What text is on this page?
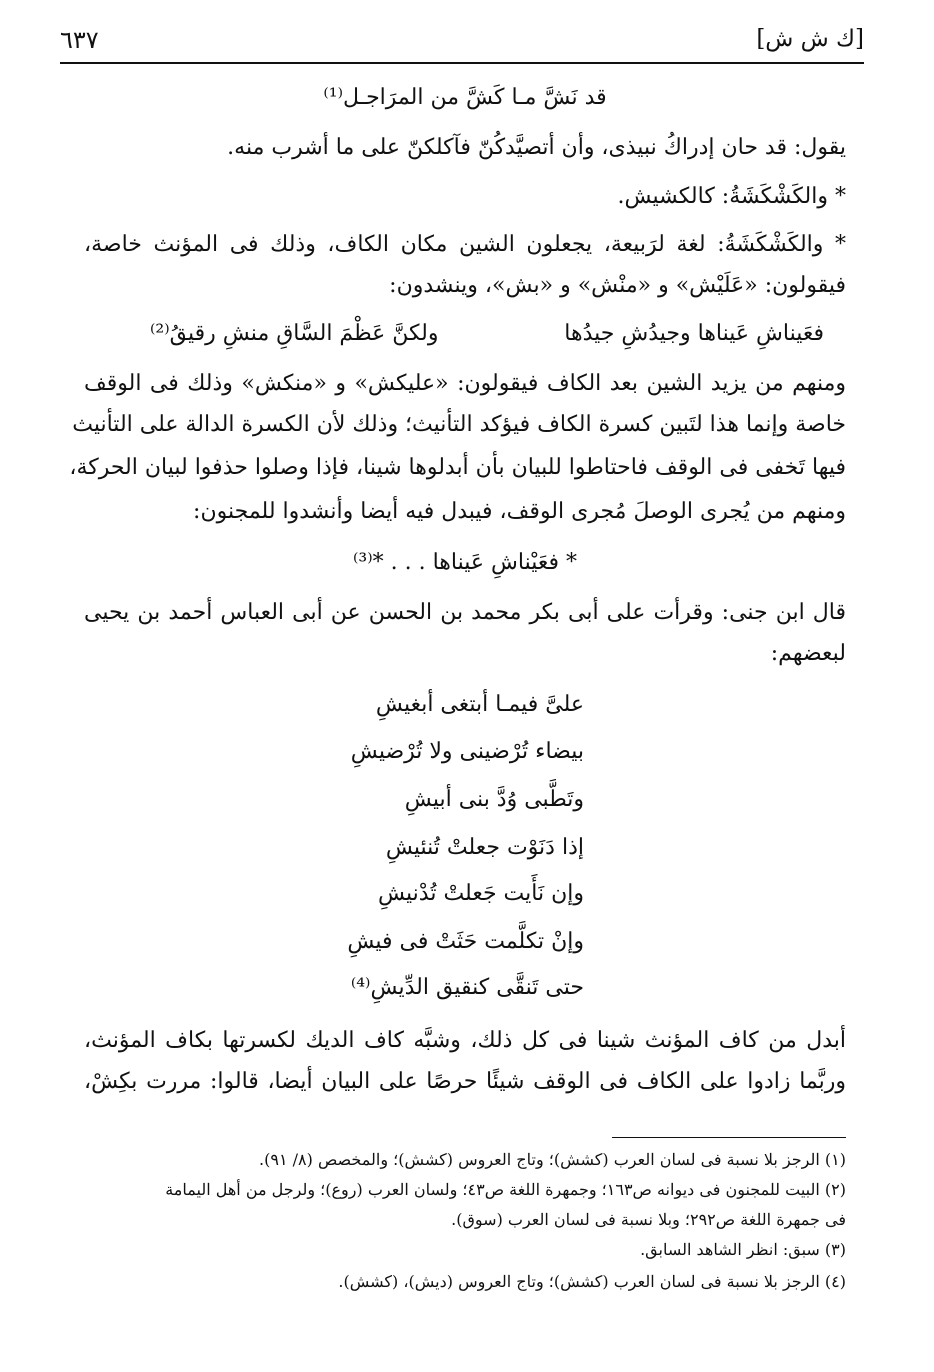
[ك ش ش]
٦٣٧
قد نَشَّ مـا كَشَّ من المرَاجـل⁽¹⁾
يقول: قد حان إدراكُ نبيذى، وأن أتصيَّدكُنّ فآكلكنّ على ما أشرب منه.
* والكَشْكَشَةُ: كالكشيش.
* والكَشْكَشَةُ: لغة لرَبيعة، يجعلون الشين مكان الكاف، وذلك فى المؤنث خاصة،
فيقولون: «عَلَيْش» و «منْش» و «بش»، وينشدون:
فعَيناشِ عَيناها وجيدُشِ جيدُها
ولكنَّ عَظْمَ السَّاقِ منشِ رقيقُ⁽²⁾
ومنهم من يزيد الشين بعد الكاف فيقولون: «عليكش» و «منكش» وذلك فى الوقف
خاصة وإنما هذا لتَبين كسرة الكاف فيؤكد التأنيث؛ وذلك لأن الكسرة الدالة على التأنيث
فيها تَخفى فى الوقف فاحتاطوا للبيان بأن أبدلوها شينا، فإذا وصلوا حذفوا لبيان الحركة،
ومنهم من يُجرى الوصلَ مُجرى الوقف، فيبدل فيه أيضا وأنشدوا للمجنون:
* فعَيْناشِ عَيناها . . . *⁽³⁾
قال ابن جنى: وقرأت على أبى بكر محمد بن الحسن عن أبى العباس أحمد بن يحيى
لبعضهم:
علىَّ فيمـا أبتغى أبغيشِ
بيضاء تُرْضينى ولا تُرْضيشِ
وتَطَّبى وُدَّ بنى أبيشِ
إذا دَنَوْت جعلتْ تُنئيشِ
وإن نَأَيت جَعلتْ تُدْنيشِ
وإنْ تكلَّمت حَثَتْ فى فيشِ
حتى تَنقَّى كنقيق الدِّيشِ⁽⁴⁾
أبدل من كاف المؤنث شينا فى كل ذلك، وشبَّه كاف الديك لكسرتها بكاف المؤنث،
وربَّما زادوا على الكاف فى الوقف شيئًا حرصًا على البيان أيضا، قالوا: مررت بكِشْ،
(١) الرجز بلا نسبة فى لسان العرب (كشش)؛ وتاج العروس (كشش)؛ والمخصص (٨/ ٩١).
(٢) البيت للمجنون فى ديوانه ص١٦٣؛ وجمهرة اللغة ص٤٣؛ ولسان العرب (روع)؛ ولرجل من أهل اليمامة
فى جمهرة اللغة ص٢٩٢؛ وبلا نسبة فى لسان العرب (سوق).
(٣) سبق: انظر الشاهد السابق.
(٤) الرجز بلا نسبة فى لسان العرب (كشش)؛ وتاج العروس (ديش)، (كشش).
